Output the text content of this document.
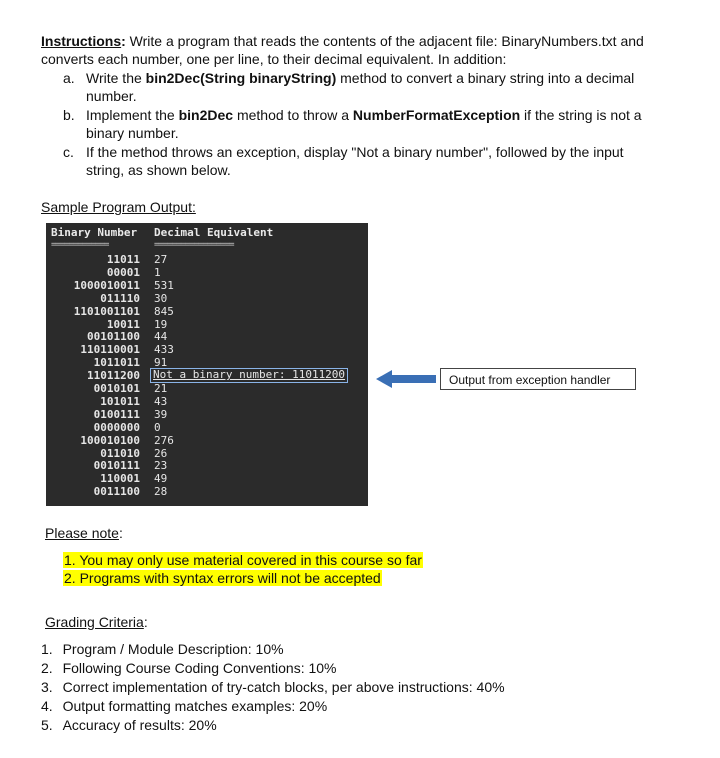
Instructions: Write a program that reads the contents of the adjacent file: BinaryNumbers.txt and

converts each number, one per line, to their decimal equivalent. In addition:

a. Write the bin2Dec(String binaryString) method to convert a binary string into a decimal

number.

b. Implement the bin2Dec method to throw a NumberFormatException if the string is not a

binary number.

c. If the method throws an exception, display "Not a binary number", followed by the input

string, as shown below.

Sample Program Output:
Binary Number Decimal Equivalent
=============	==================
11011 27
00001 1
1000010011 531
011110 30
1101001101 845
10011 19
00101100 44
110110001 433
1011011 91
11011200 Not a binary number: 11011200
0010101 21
101011 43
0100111 39
0000000 0
100010100 276
011010 26
0010111 23
110001 49
0011100 28
Output from exception handler
Please note:

1. You may only use material covered in this course so far

2. Programs with syntax errors will not be accepted

Grading Criteria:

1. Program / Module Description: 10%

2. Following Course Coding Conventions: 10%

3. Correct implementation of try-catch blocks, per above instructions: 40%

4. Output formatting matches examples: 20%

5. Accuracy of results: 20%
